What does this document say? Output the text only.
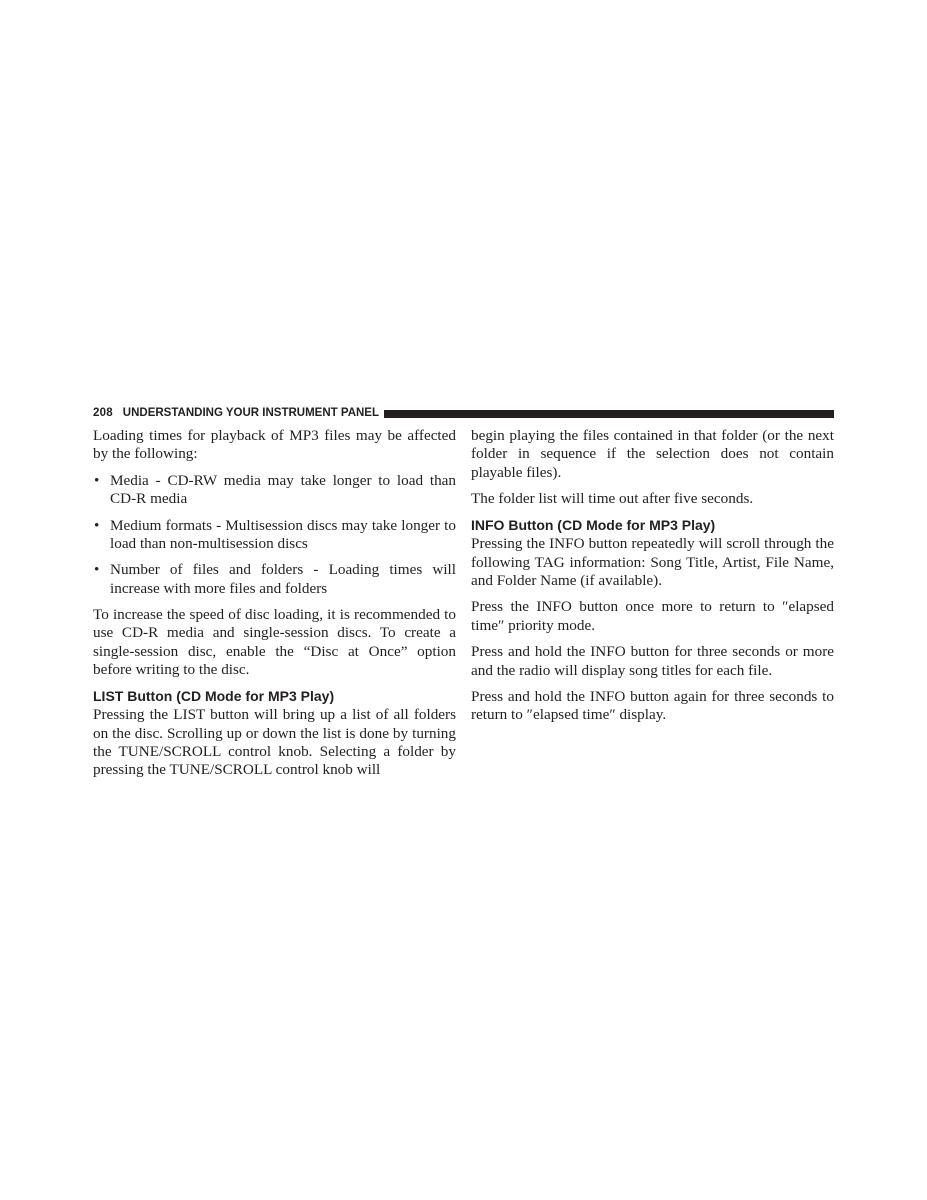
208 UNDERSTANDING YOUR INSTRUMENT PANEL

Loading times for playback of MP3 files may be affected by the following:

• Media - CD-RW media may take longer to load than CD-R media
• Medium formats - Multisession discs may take longer to load than non-multisession discs
• Number of files and folders - Loading times will increase with more files and folders

To increase the speed of disc loading, it is recommended to use CD-R media and single-session discs. To create a single-session disc, enable the “Disc at Once” option before writing to the disc.

LIST Button (CD Mode for MP3 Play)

Pressing the LIST button will bring up a list of all folders on the disc. Scrolling up or down the list is done by turning the TUNE/SCROLL control knob. Selecting a folder by pressing the TUNE/SCROLL control knob will

begin playing the files contained in that folder (or the next folder in sequence if the selection does not contain playable files).

The folder list will time out after five seconds.

INFO Button (CD Mode for MP3 Play)

Pressing the INFO button repeatedly will scroll through the following TAG information: Song Title, Artist, File Name, and Folder Name (if available).

Press the INFO button once more to return to ″elapsed time″ priority mode.

Press and hold the INFO button for three seconds or more and the radio will display song titles for each file.

Press and hold the INFO button again for three seconds to return to ″elapsed time″ display.
